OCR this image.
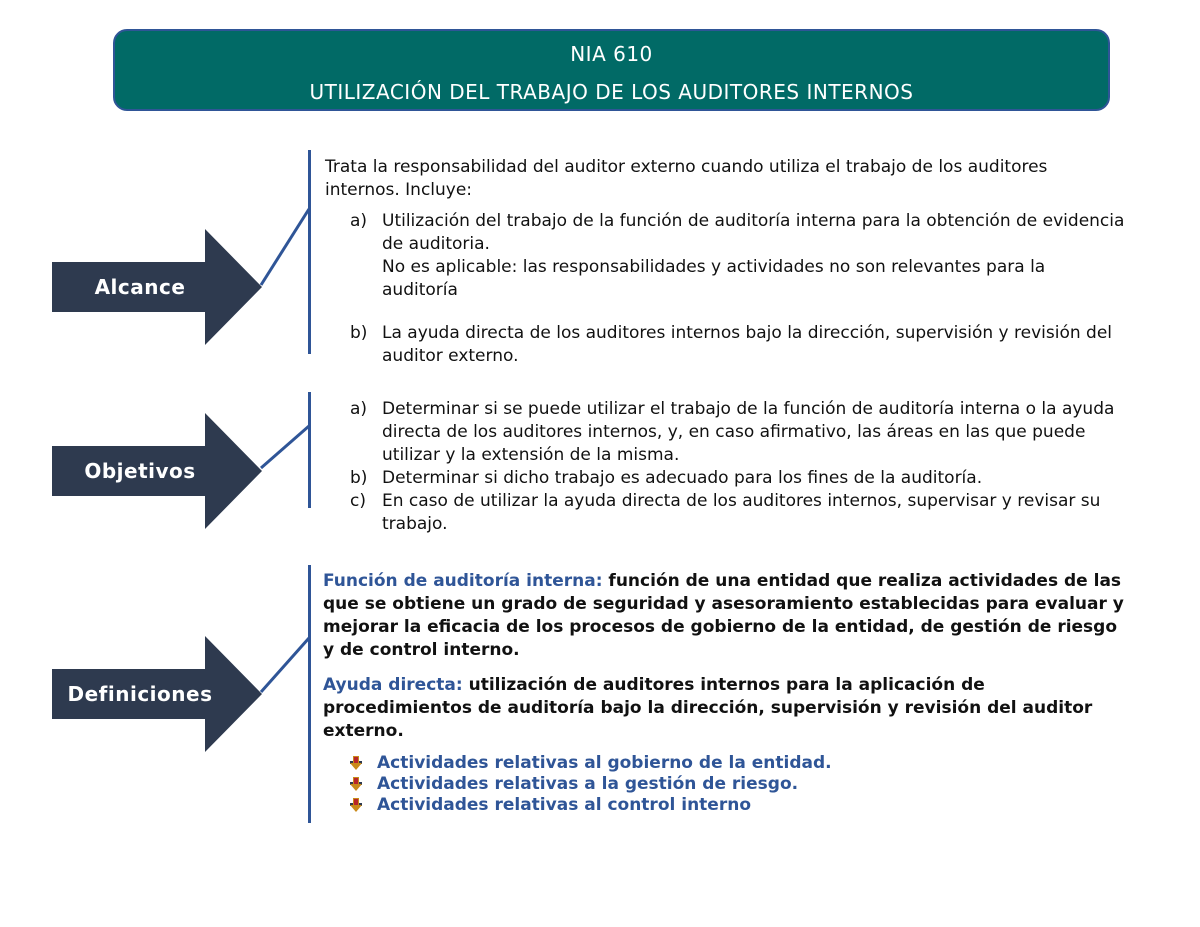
NIA 610
UTILIZACIÓN DEL TRABAJO DE LOS AUDITORES INTERNOS
Alcance

Trata la responsabilidad del auditor externo cuando utiliza el trabajo de los auditores internos. Incluye:

a) Utilización del trabajo de la función de auditoría interna para la obtención de evidencia de auditoria.
No es aplicable: las responsabilidades y actividades no son relevantes para la auditoría
b) La ayuda directa de los auditores internos bajo la dirección, supervisión y revisión del auditor externo.
Objetivos
a) Determinar si se puede utilizar el trabajo de la función de auditoría interna o la ayuda directa de los auditores internos, y, en caso afirmativo, las áreas en las que puede utilizar y la extensión de la misma.
b) Determinar si dicho trabajo es adecuado para los fines de la auditoría.
c) En caso de utilizar la ayuda directa de los auditores internos, supervisar y revisar su trabajo.
Definiciones

Función de auditoría interna: función de una entidad que realiza actividades de las que se obtiene un grado de seguridad y asesoramiento establecidas para evaluar y mejorar la eficacia de los procesos de gobierno de la entidad, de gestión de riesgo y de control interno.

Ayuda directa: utilización de auditores internos para la aplicación de procedimientos de auditoría bajo la dirección, supervisión y revisión del auditor externo.

Actividades relativas al gobierno de la entidad.
Actividades relativas a la gestión de riesgo.
Actividades relativas al control interno
